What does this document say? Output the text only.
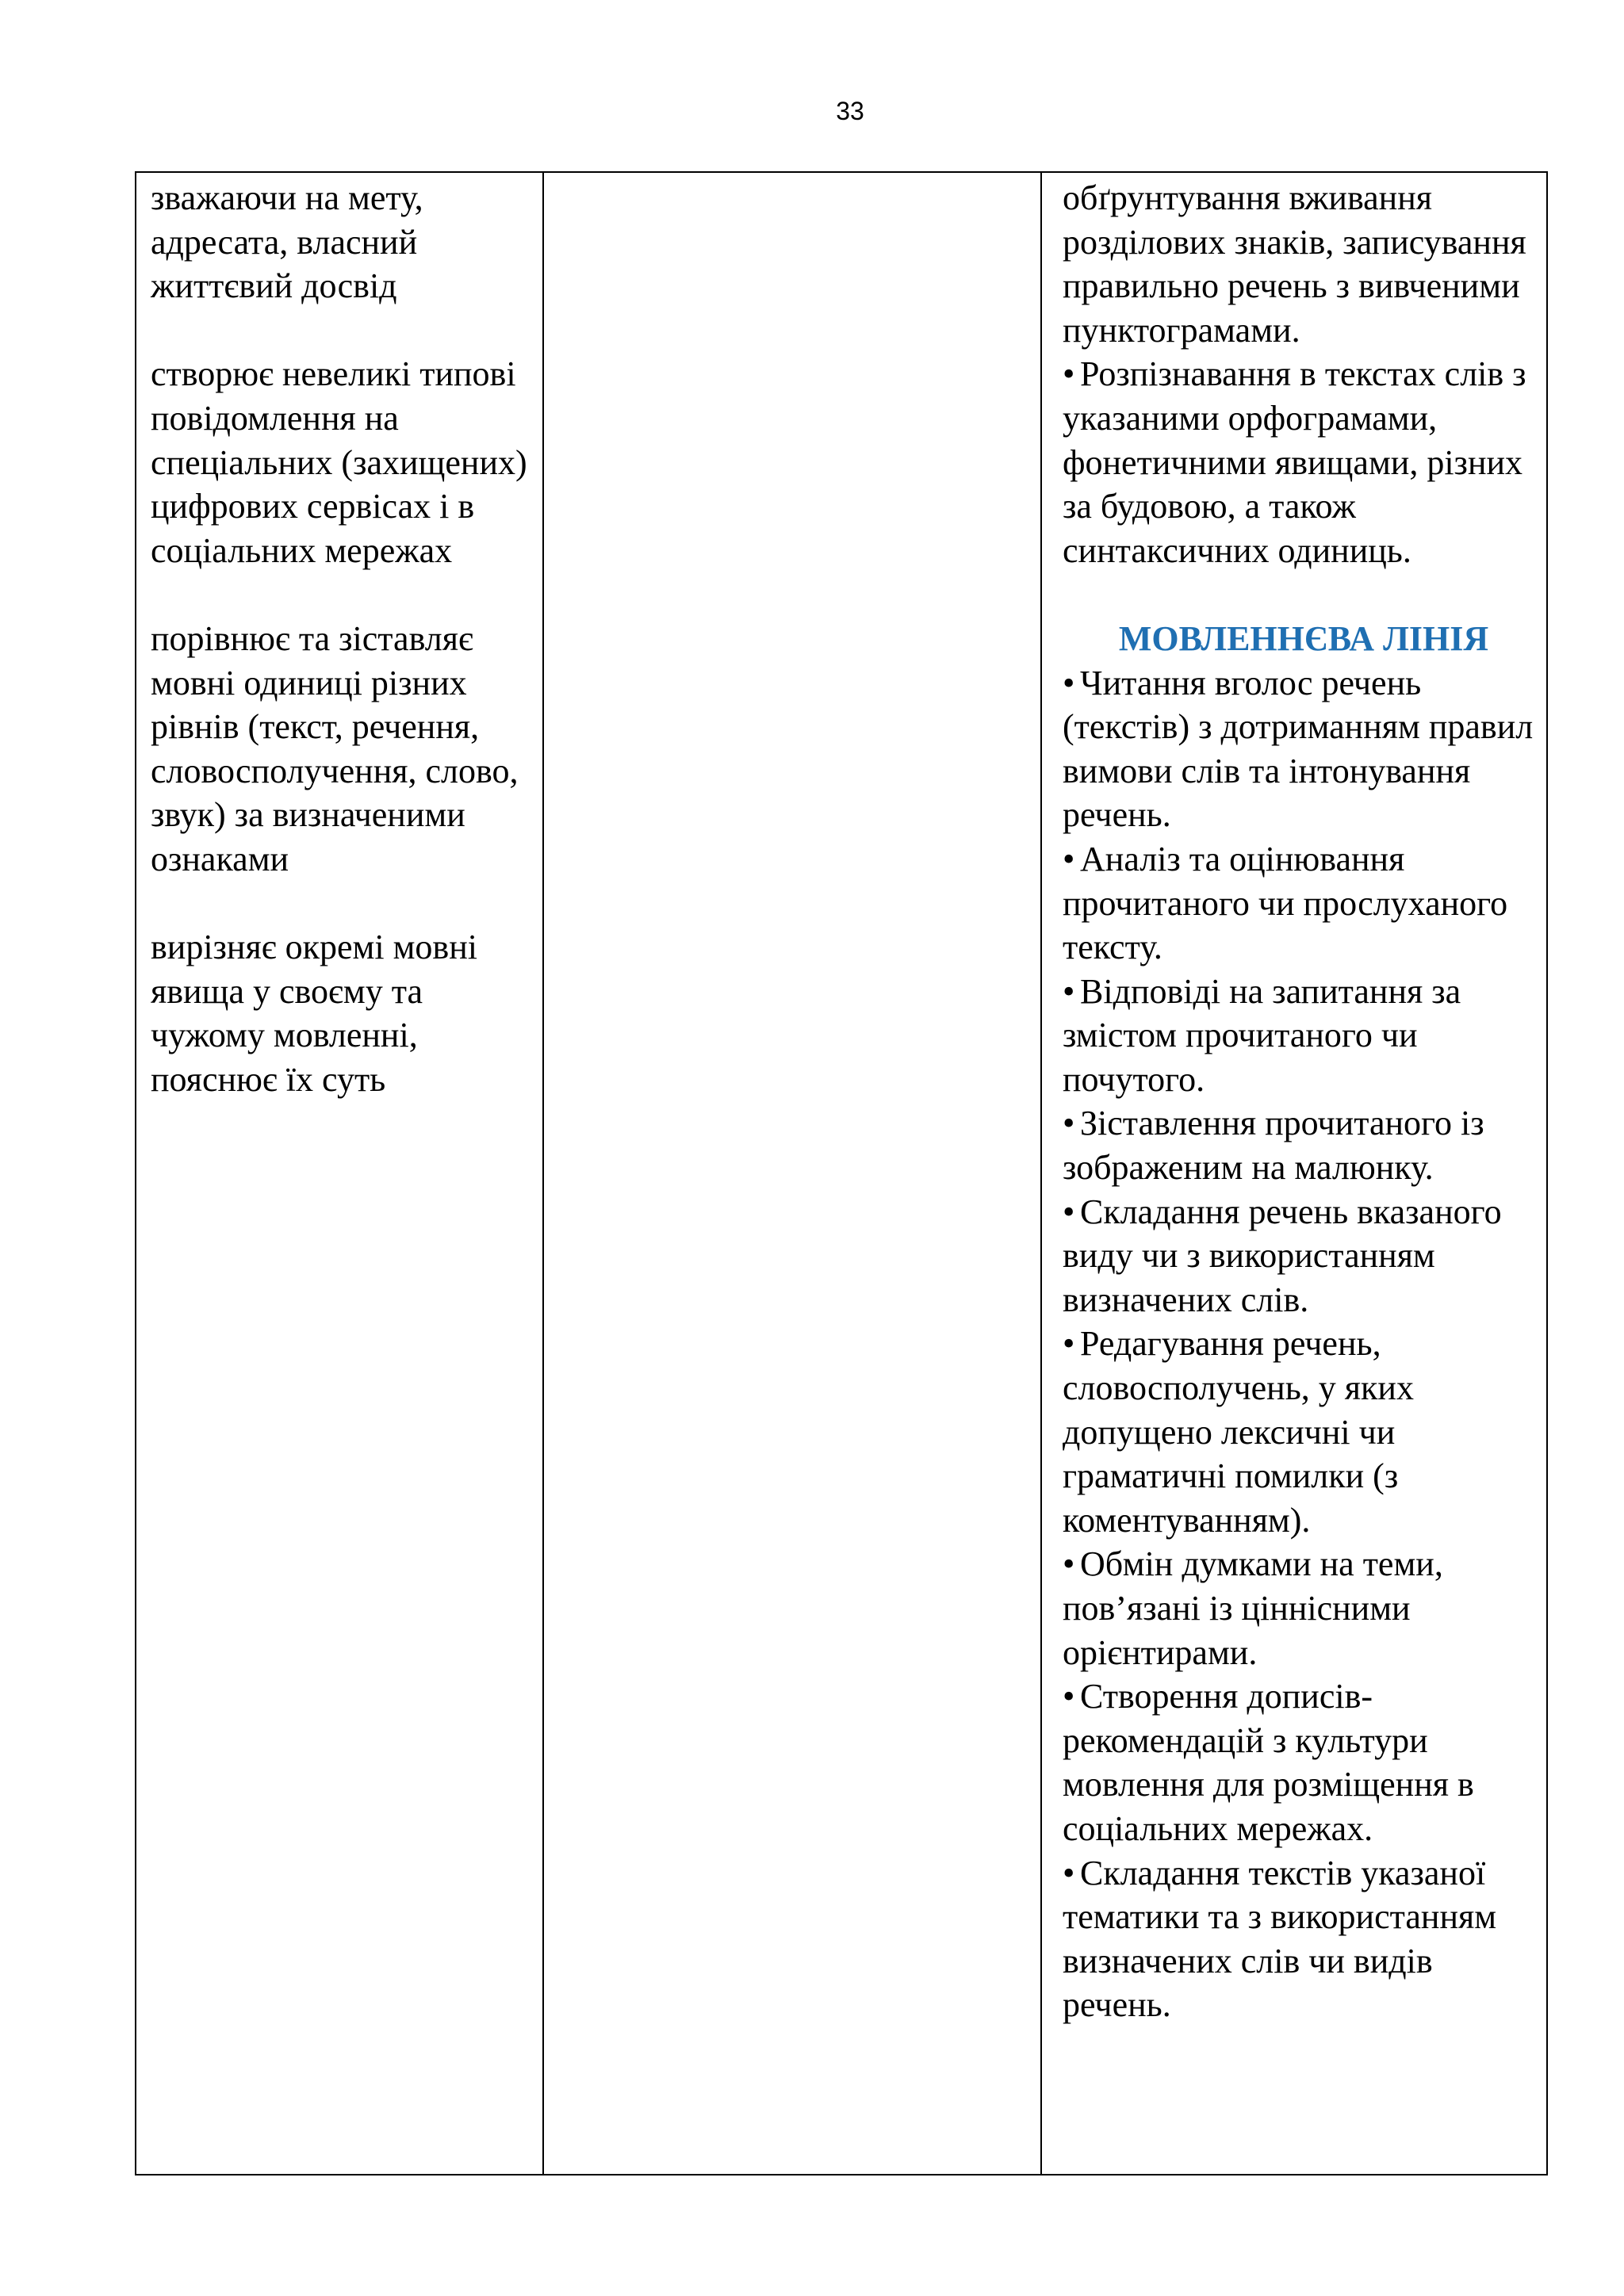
33

зважаючи на мету, адресата, власний життєвий досвід

створює невеликі типові повідомлення на спеціальних (захищених) цифрових сервісах і в соціальних мережах

порівнює та зіставляє мовні одиниці різних рівнів (текст, речення, словосполучення, слово, звук) за визначеними ознаками

вирізняє окремі мовні явища у своєму та чужому мовленні, пояснює їх суть

обґрунтування вживання розділових знаків, записування правильно речень з вивченими пунктограмами.

• Розпізнавання в текстах слів з указаними орфограмами, фонетичними явищами, різних за будовою, а також синтаксичних одиниць.

МОВЛЕННЄВА ЛІНІЯ

• Читання вголос речень (текстів) з дотриманням правил вимови слів та інтонування речень.

• Аналіз та оцінювання прочитаного чи прослуханого тексту.

• Відповіді на запитання за змістом прочитаного чи почутого.

• Зіставлення прочитаного із зображеним на малюнку.

• Складання речень вказаного виду чи з використанням визначених слів.

• Редагування речень, словосполучень, у яких допущено лексичні чи граматичні помилки (з коментуванням).

• Обмін думками на теми, пов’язані із ціннісними орієнтирами.

• Створення дописів-рекомендацій з культури мовлення для розміщення в соціальних мережах.

• Складання текстів указаної тематики та з використанням визначених слів чи видів речень.
